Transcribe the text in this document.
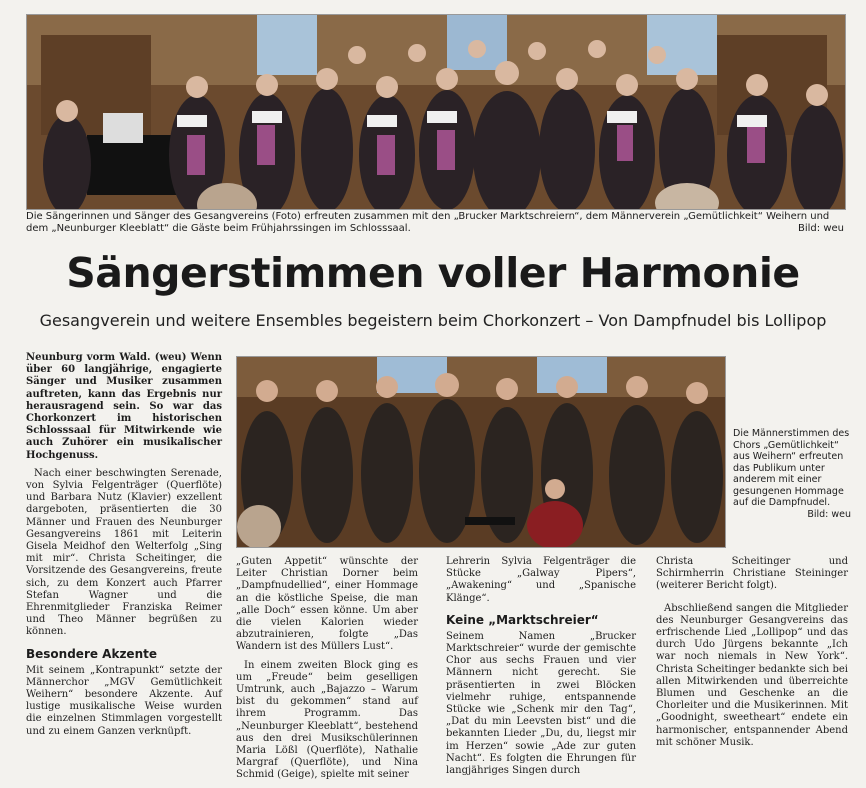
Die Sängerinnen und Sänger des Gesangvereins (Foto) erfreuten zusammen mit den „Brucker Marktschreiern“, dem Männerverein „Gemütlichkeit“ Weihern und dem „Neunburger Kleeblatt“ die Gäste beim Frühjahrssingen im Schlosssaal.	Bild: weu
Sängerstimmen voller Harmonie
Gesangverein und weitere Ensembles begeistern beim Chorkonzert – Von Dampfnudel bis Lollipop

Neunburg vorm Wald. (weu) Wenn über 60 langjährige, engagierte Sänger und Musiker zusammen auftreten, kann das Ergebnis nur herausragend sein. So war das Chorkonzert im historischen Schlosssaal für Mitwirkende wie auch Zuhörer ein musikalischer Hochgenuss.

Nach einer beschwingten Serenade, von Sylvia Felgenträger (Querflöte) und Barbara Nutz (Klavier) exzellent dargeboten, präsentierten die 30 Männer und Frauen des Neunburger Gesangvereins 1861 mit Leiterin Gisela Meidhof den Welterfolg „Sing mit mir“. Christa Scheitinger, die Vorsitzende des Gesangvereins, freute sich, zu dem Konzert auch Pfarrer Stefan Wagner und die Ehrenmitglieder Franziska Reimer und Theo Männer begrüßen zu können.

Besondere Akzente

Mit seinem „Kontrapunkt“ setzte der Männerchor „MGV Gemütlichkeit Weihern“ besondere Akzente. Auf lustige musikalische Weise wurden die einzelnen Stimmlagen vorgestellt und zu einem Ganzen verknüpft.

Die Männerstimmen des Chors „Gemütlichkeit“ aus Weihern“ erfreuten das Publikum unter anderem mit einer gesungenen Hommage auf die Dampfnudel.
Bild: weu

„Guten Appetit“ wünschte der Leiter Christian Dorner beim „Dampfnudellied“, einer Hommage an die köstliche Speise, die man „alle Doch“ essen könne. Um aber die vielen Kalorien wieder abzutrainieren, folgte „Das Wandern ist des Müllers Lust“.

In einem zweiten Block ging es um „Freude“ beim geselligen Umtrunk, auch „Bajazzo – Warum bist du gekommen“ stand auf ihrem Programm. Das „Neunburger Kleeblatt“, bestehend aus den drei Musikschülerinnen Maria Lößl (Querflöte), Nathalie Margraf (Querflöte), und Nina Schmid (Geige), spielte mit seiner

Lehrerin Sylvia Felgenträger die Stücke „Galway Pipers“, „Awakening“ und „Spanische Klänge“.

Keine „Marktschreier“

Seinem Namen „Brucker Marktschreier“ wurde der gemischte Chor aus sechs Frauen und vier Männern nicht gerecht. Sie präsentierten in zwei Blöcken vielmehr ruhige, entspannende Stücke wie „Schenk mir den Tag“, „Dat du min Leevsten bist“ und die bekannten Lieder „Du, du, liegst mir im Herzen“ sowie „Ade zur guten Nacht“. Es folgten die Ehrungen für langjähriges Singen durch

Christa Scheitinger und Schirmherrin Christiane Steininger (weiterer Bericht folgt).

Abschließend sangen die Mitglieder des Neunburger Gesangvereins das erfrischende Lied „Lollipop“ und das durch Udo Jürgens bekannte „Ich war noch niemals in New York“. Christa Scheitinger bedankte sich bei allen Mitwirkenden und überreichte Blumen und Geschenke an die Chorleiter und die Musikerinnen. Mit „Goodnight, sweetheart“ endete ein harmonischer, entspannender Abend mit schöner Musik.
